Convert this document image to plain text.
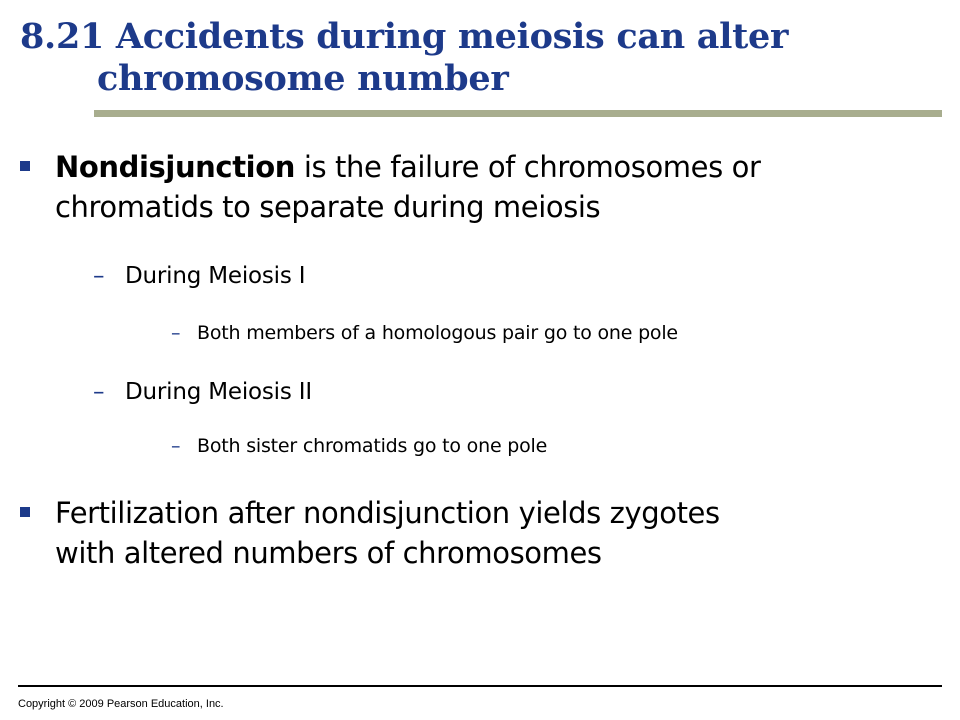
8.21 Accidents during meiosis can alter
chromosome number
Nondisjunction is the failure of chromosomes or
chromatids to separate during meiosis
– During Meiosis I
– Both members of a homologous pair go to one pole
– During Meiosis II
– Both sister chromatids go to one pole
Fertilization after nondisjunction yields zygotes
with altered numbers of chromosomes
Copyright © 2009 Pearson Education, Inc.
